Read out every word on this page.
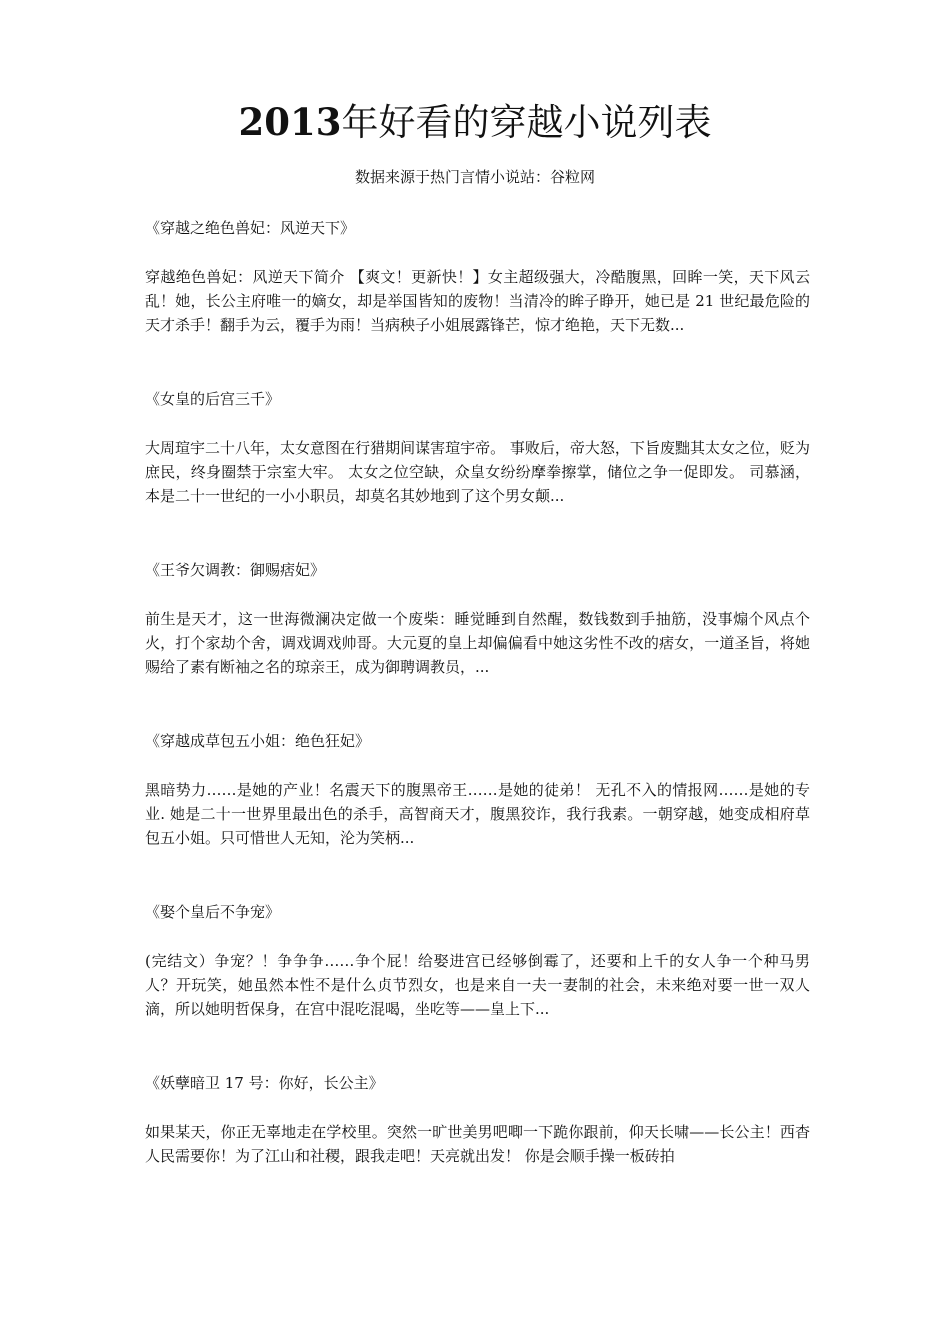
2013年好看的穿越小说列表
数据来源于热门言情小说站：谷粒网

《穿越之绝色兽妃：风逆天下》

穿越绝色兽妃：风逆天下简介 【爽文！更新快！】女主超级强大，冷酷腹黑，回眸一笑，天下风云乱！她，长公主府唯一的嫡女，却是举国皆知的废物！当清冷的眸子睁开，她已是 21 世纪最危险的天才杀手！翻手为云，覆手为雨！当病秧子小姐展露锋芒，惊才绝艳，天下无数...

《女皇的后宫三千》

大周瑄宇二十八年，太女意图在行猎期间谋害瑄宇帝。 事败后，帝大怒，下旨废黜其太女之位，贬为庶民，终身圈禁于宗室大牢。 太女之位空缺，众皇女纷纷摩拳擦掌，储位之争一促即发。 司慕涵，本是二十一世纪的一小小职员，却莫名其妙地到了这个男女颠...

《王爷欠调教：御赐痞妃》

前生是天才，这一世海微澜决定做一个废柴：睡觉睡到自然醒，数钱数到手抽筋，没事煽个风点个火，打个家劫个舍，调戏调戏帅哥。大元夏的皇上却偏偏看中她这劣性不改的痞女，一道圣旨，将她赐给了素有断袖之名的琼亲王，成为御聘调教员，...

《穿越成草包五小姐：绝色狂妃》

黑暗势力……是她的产业！名震天下的腹黑帝王……是她的徒弟！ 无孔不入的情报网……是她的专业. 她是二十一世界里最出色的杀手，高智商天才，腹黑狡诈，我行我素。一朝穿越，她变成相府草包五小姐。只可惜世人无知，沦为笑柄...

《娶个皇后不争宠》

(完结文）争宠？！争争争……争个屁！给娶进宫已经够倒霉了，还要和上千的女人争一个种马男人？开玩笑，她虽然本性不是什么贞节烈女，也是来自一夫一妻制的社会，未来绝对要一世一双人滴，所以她明哲保身，在宫中混吃混喝，坐吃等——皇上下...

《妖孽暗卫 17 号：你好，长公主》

如果某天，你正无辜地走在学校里。突然一旷世美男吧唧一下跪你跟前，仰天长啸——长公主！西杳人民需要你！为了江山和社稷，跟我走吧！天亮就出发！ 你是会顺手操一板砖拍
